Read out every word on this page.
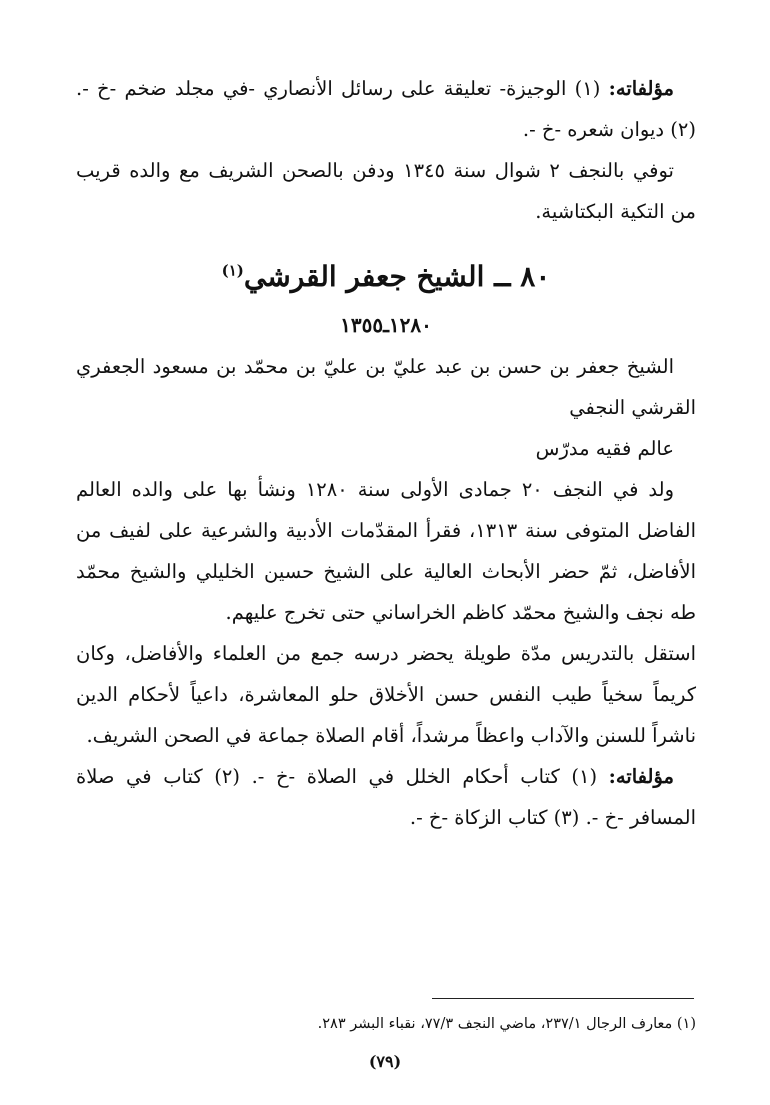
مؤلفاته: (١) الوجيزة- تعليقة على رسائل الأنصاري -في مجلد ضخم -خ -. (٢) ديوان شعره -خ -.

توفي بالنجف ٢ شوال سنة ١٣٤٥ ودفن بالصحن الشريف مع والده قريب من التكية البكتاشية.

٨٠ ــ الشيخ جعفر القرشي$^{(١)}$
١٢٨٠ـ١٣٥٥

الشيخ جعفر بن حسن بن عبد عليّ بن عليّ بن محمّد بن مسعود الجعفري القرشي النجفي

عالم فقيه مدرّس

ولد في النجف ٢٠ جمادى الأولى سنة ١٢٨٠ ونشأ بها على والده العالم الفاضل المتوفى سنة ١٣١٣، فقرأ المقدّمات الأدبية والشرعية على لفيف من الأفاضل، ثمّ حضر الأبحاث العالية على الشيخ حسين الخليلي والشيخ محمّد طه نجف والشيخ محمّد كاظم الخراساني حتى تخرج عليهم.

استقل بالتدريس مدّة طويلة يحضر درسه جمع من العلماء والأفاضل، وكان كريماً سخياً طيب النفس حسن الأخلاق حلو المعاشرة، داعياً لأحكام الدين ناشراً للسنن والآداب واعظاً مرشداً، أقام الصلاة جماعة في الصحن الشريف.

مؤلفاته: (١) كتاب أحكام الخلل في الصلاة -خ -. (٢) كتاب في صلاة المسافر -خ -. (٣) كتاب الزكاة -خ -.

(١) معارف الرجال ٢٣٧/١، ماضي النجف ٧٧/٣، نقباء البشر ٢٨٣.
(٧٩)
